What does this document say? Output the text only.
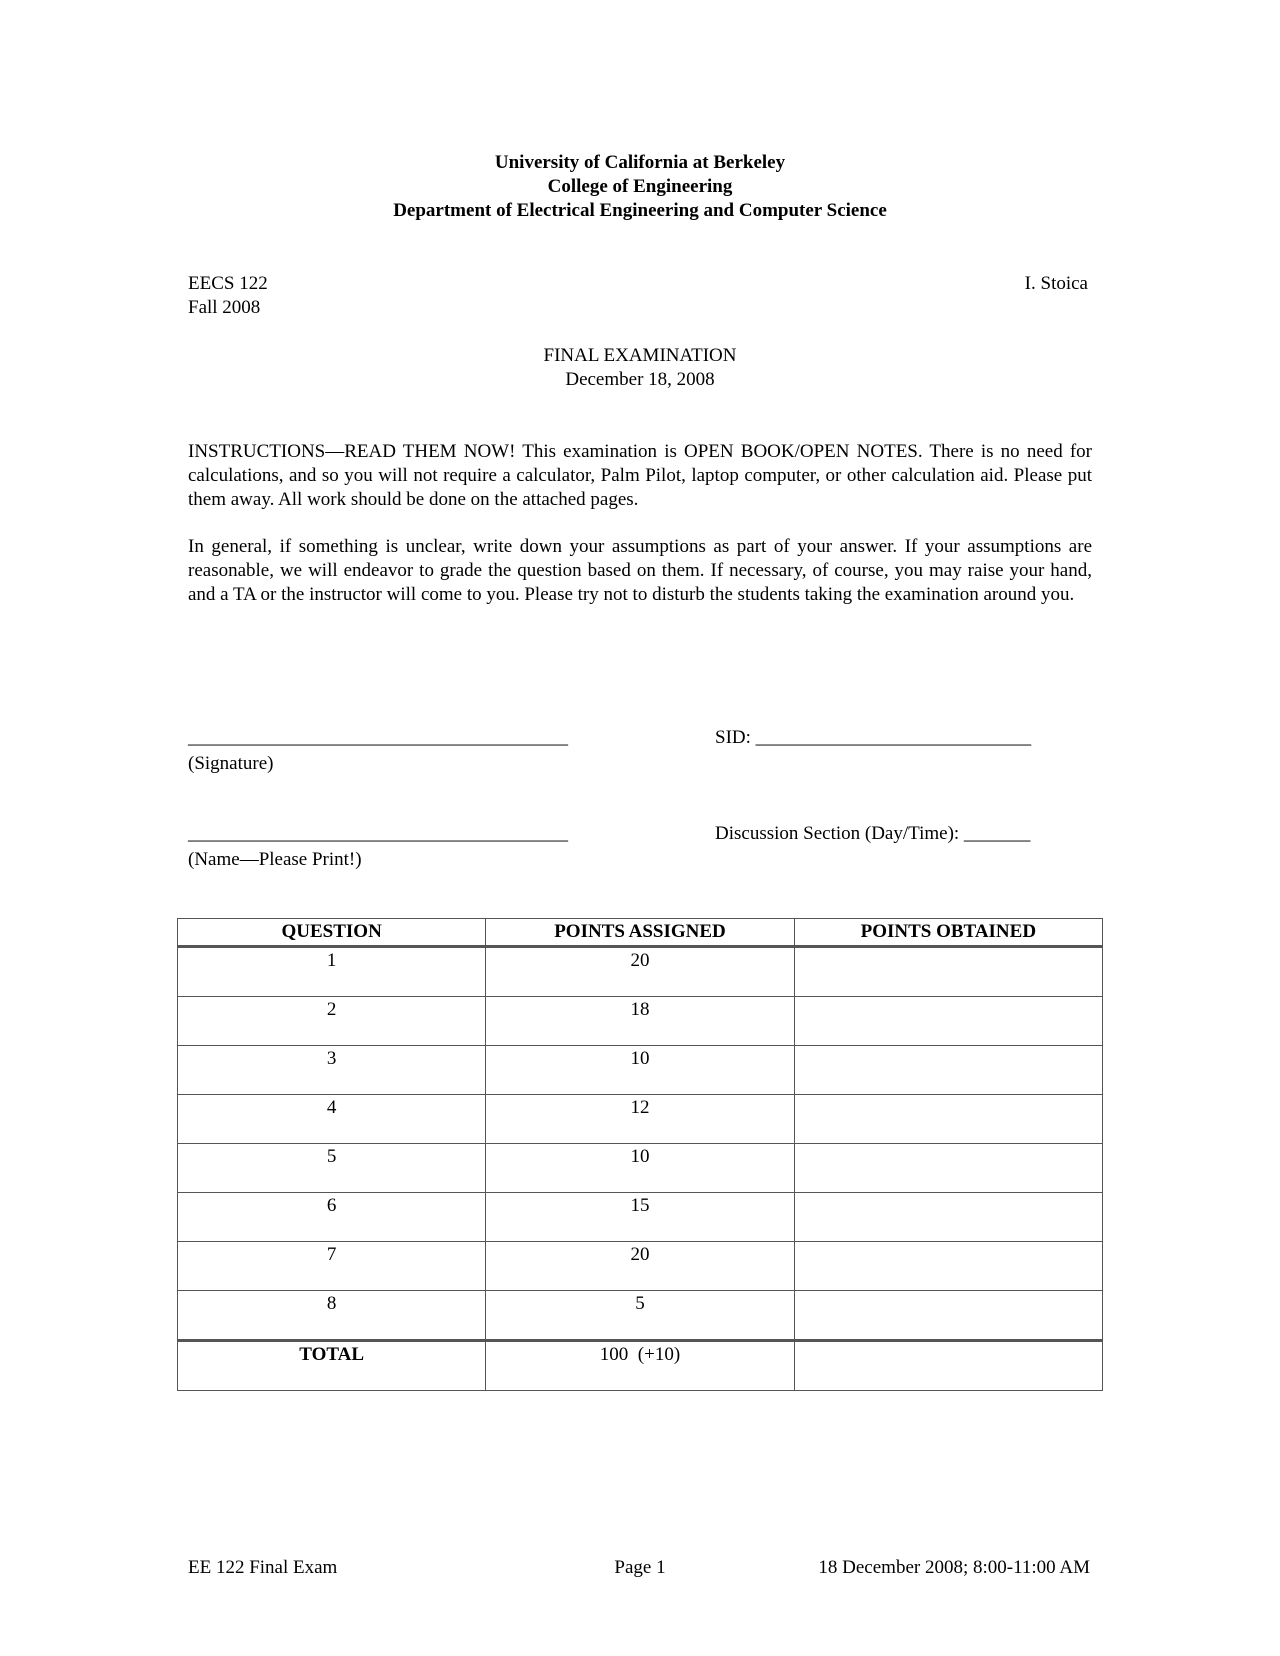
University of California at Berkeley
College of Engineering
Department of Electrical Engineering and Computer Science
EECS 122
Fall 2008
I. Stoica
FINAL EXAMINATION
December 18, 2008
INSTRUCTIONS—READ THEM NOW! This examination is OPEN BOOK/OPEN NOTES. There is no need for calculations, and so you will not require a calculator, Palm Pilot, laptop computer, or other calculation aid. Please put them away. All work should be done on the attached pages.
In general, if something is unclear, write down your assumptions as part of your answer. If your assumptions are reasonable, we will endeavor to grade the question based on them. If necessary, of course, you may raise your hand, and a TA or the instructor will come to you. Please try not to disturb the students taking the examination around you.
________________________________________
(Signature)
SID: _____________________________
________________________________________
(Name—Please Print!)
Discussion Section (Day/Time): _______
QUESTION	POINTS ASSIGNED	POINTS OBTAINED
1	20	
2	18	
3	10	
4	12	
5	10	
6	15	
7	20	
8	5	
TOTAL	100  (+10)	
EE 122 Final Exam	Page 1	18 December 2008; 8:00-11:00 AM
